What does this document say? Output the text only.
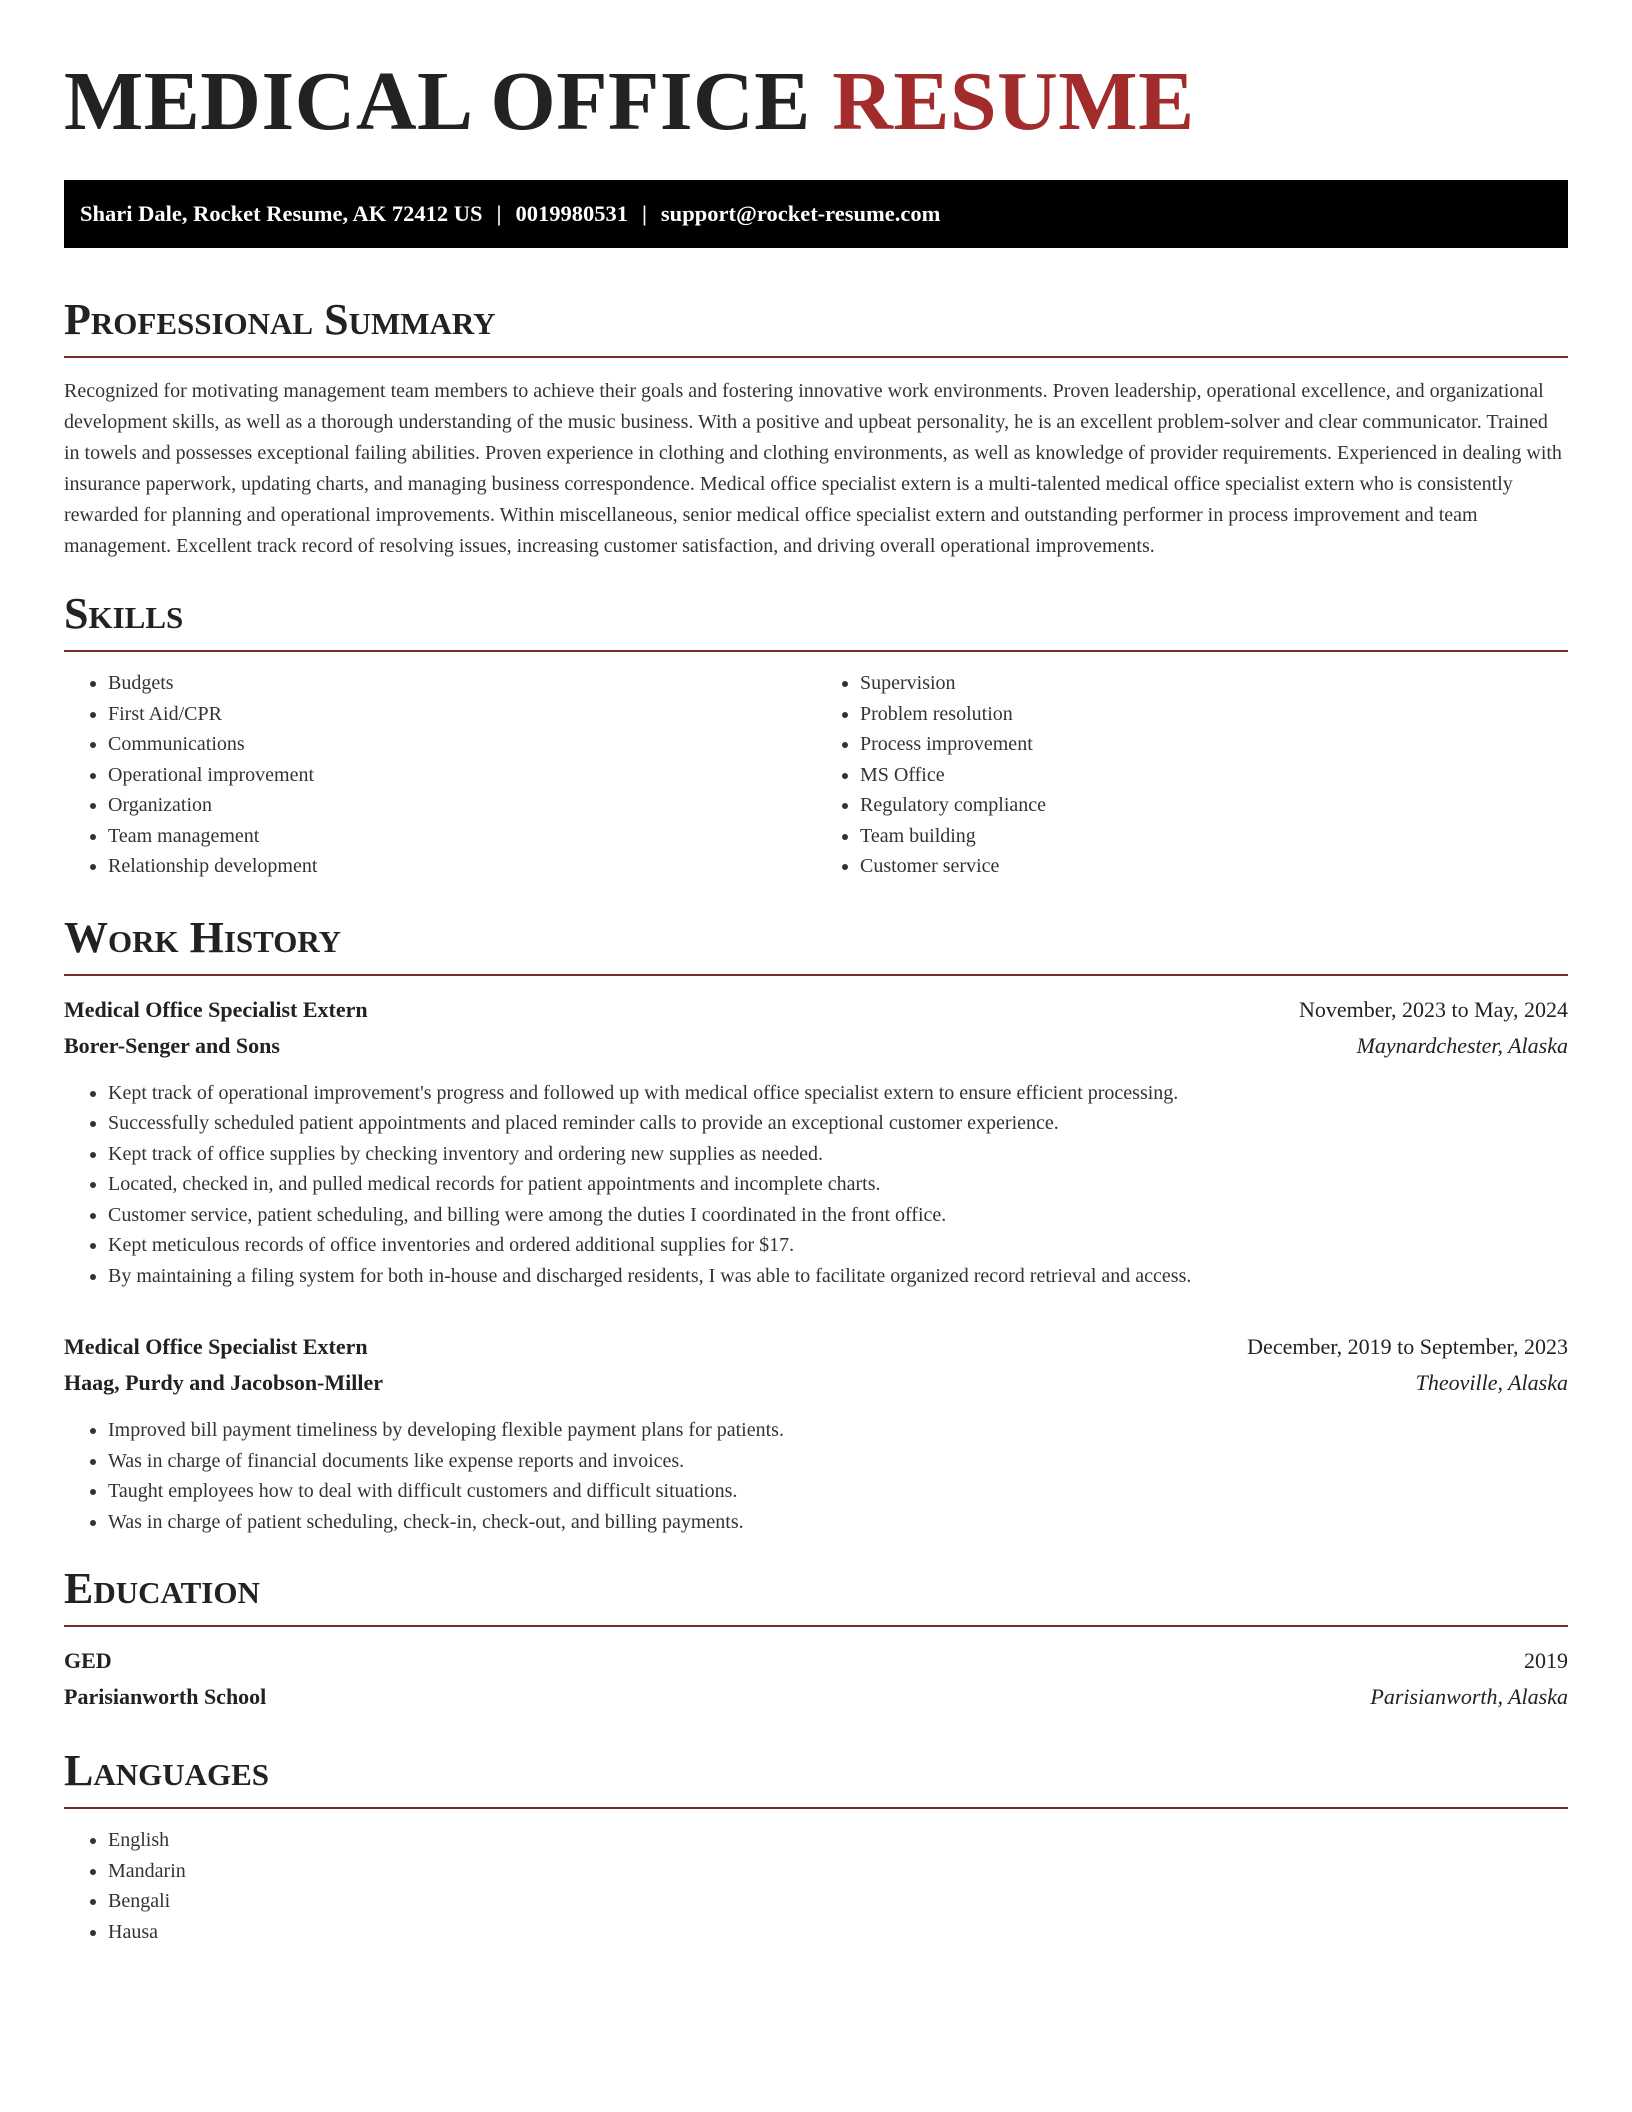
MEDICAL OFFICE RESUME
Shari Dale, Rocket Resume, AK 72412 US | 0019980531 | support@rocket-resume.com
Professional Summary

Recognized for motivating management team members to achieve their goals and fostering innovative work environments. Proven leadership, operational excellence, and organizational development skills, as well as a thorough understanding of the music business. With a positive and upbeat personality, he is an excellent problem-solver and clear communicator. Trained in towels and possesses exceptional failing abilities. Proven experience in clothing and clothing environments, as well as knowledge of provider requirements. Experienced in dealing with insurance paperwork, updating charts, and managing business correspondence. Medical office specialist extern is a multi-talented medical office specialist extern who is consistently rewarded for planning and operational improvements. Within miscellaneous, senior medical office specialist extern and outstanding performer in process improvement and team management. Excellent track record of resolving issues, increasing customer satisfaction, and driving overall operational improvements.

Skills
• Budgets
• First Aid/CPR
• Communications
• Operational improvement
• Organization
• Team management
• Relationship development
• Supervision
• Problem resolution
• Process improvement
• MS Office
• Regulatory compliance
• Team building
• Customer service
Work History
Medical Office Specialist Extern	November, 2023 to May, 2024
Borer-Senger and Sons	Maynardchester, Alaska
• Kept track of operational improvement's progress and followed up with medical office specialist extern to ensure efficient processing.
• Successfully scheduled patient appointments and placed reminder calls to provide an exceptional customer experience.
• Kept track of office supplies by checking inventory and ordering new supplies as needed.
• Located, checked in, and pulled medical records for patient appointments and incomplete charts.
• Customer service, patient scheduling, and billing were among the duties I coordinated in the front office.
• Kept meticulous records of office inventories and ordered additional supplies for $17.
• By maintaining a filing system for both in-house and discharged residents, I was able to facilitate organized record retrieval and access.
Medical Office Specialist Extern	December, 2019 to September, 2023
Haag, Purdy and Jacobson-Miller	Theoville, Alaska
• Improved bill payment timeliness by developing flexible payment plans for patients.
• Was in charge of financial documents like expense reports and invoices.
• Taught employees how to deal with difficult customers and difficult situations.
• Was in charge of patient scheduling, check-in, check-out, and billing payments.
Education
GED	2019
Parisianworth School	Parisianworth, Alaska
Languages
• English
• Mandarin
• Bengali
• Hausa
